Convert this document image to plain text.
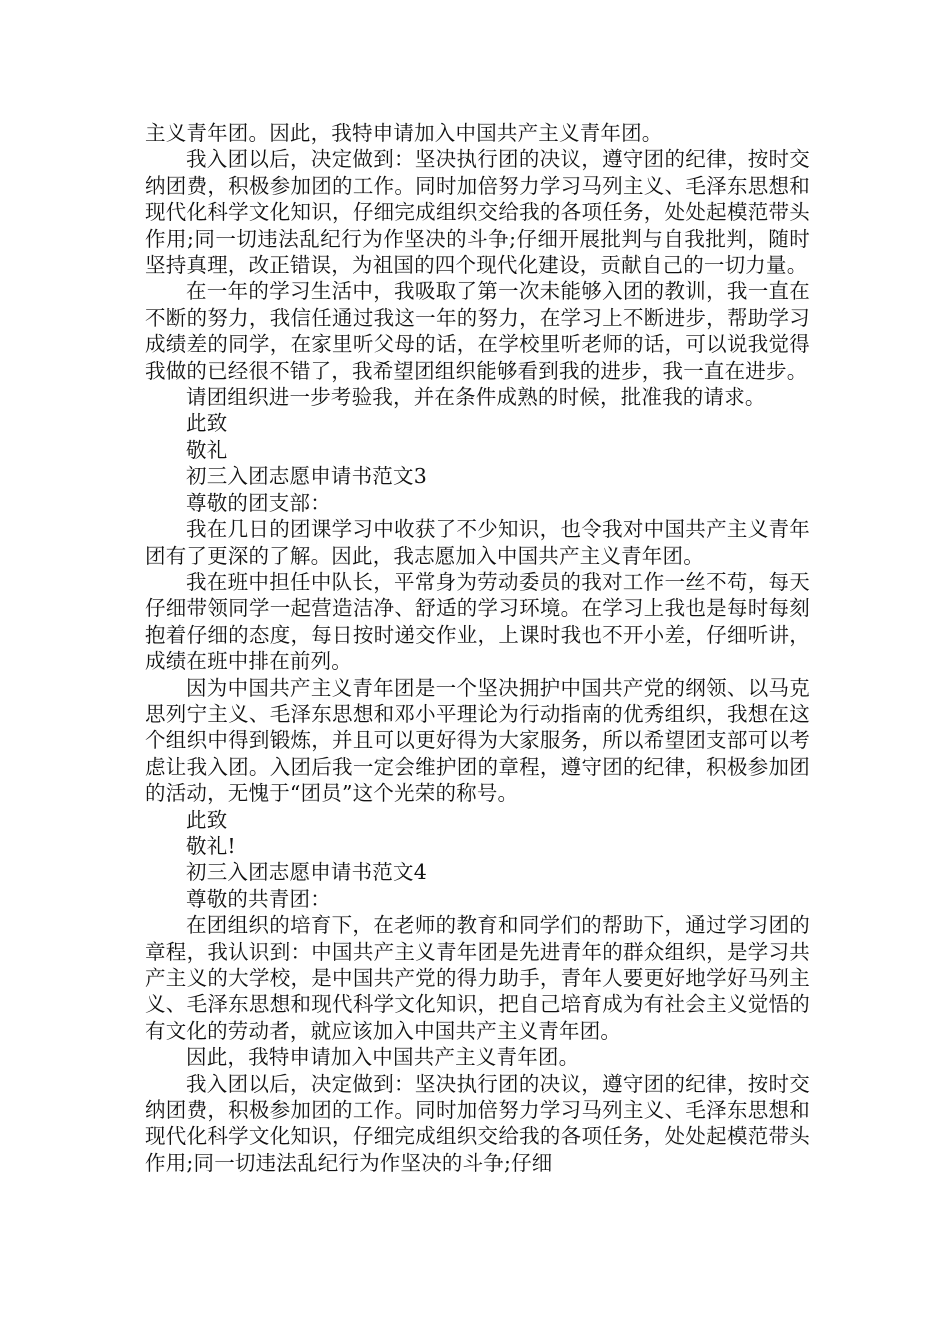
主义青年团。因此，我特申请加入中国共产主义青年团。

我入团以后，决定做到：坚决执行团的决议，遵守团的纪律，按时交纳团费，积极参加团的工作。同时加倍努力学习马列主义、毛泽东思想和现代化科学文化知识，仔细完成组织交给我的各项任务，处处起模范带头作用;同一切违法乱纪行为作坚决的斗争;仔细开展批判与自我批判，随时坚持真理，改正错误，为祖国的四个现代化建设，贡献自己的一切力量。

在一年的学习生活中，我吸取了第一次未能够入团的教训，我一直在不断的努力，我信任通过我这一年的努力，在学习上不断进步，帮助学习成绩差的同学，在家里听父母的话，在学校里听老师的话，可以说我觉得我做的已经很不错了，我希望团组织能够看到我的进步，我一直在进步。

请团组织进一步考验我，并在条件成熟的时候，批准我的请求。

此致

敬礼

初三入团志愿申请书范文3

尊敬的团支部：

我在几日的团课学习中收获了不少知识，也令我对中国共产主义青年团有了更深的了解。因此，我志愿加入中国共产主义青年团。

我在班中担任中队长，平常身为劳动委员的我对工作一丝不苟，每天仔细带领同学一起营造洁净、舒适的学习环境。在学习上我也是每时每刻抱着仔细的态度，每日按时递交作业，上课时我也不开小差，仔细听讲，成绩在班中排在前列。

因为中国共产主义青年团是一个坚决拥护中国共产党的纲领、以马克思列宁主义、毛泽东思想和邓小平理论为行动指南的优秀组织，我想在这个组织中得到锻炼，并且可以更好得为大家服务，所以希望团支部可以考虑让我入团。入团后我一定会维护团的章程，遵守团的纪律，积极参加团的活动，无愧于“团员”这个光荣的称号。

此致

敬礼!

初三入团志愿申请书范文4

尊敬的共青团：

在团组织的培育下，在老师的教育和同学们的帮助下，通过学习团的章程，我认识到：中国共产主义青年团是先进青年的群众组织，是学习共产主义的大学校，是中国共产党的得力助手，青年人要更好地学好马列主义、毛泽东思想和现代科学文化知识，把自己培育成为有社会主义觉悟的有文化的劳动者，就应该加入中国共产主义青年团。

因此，我特申请加入中国共产主义青年团。

我入团以后，决定做到：坚决执行团的决议，遵守团的纪律，按时交纳团费，积极参加团的工作。同时加倍努力学习马列主义、毛泽东思想和现代化科学文化知识，仔细完成组织交给我的各项任务，处处起模范带头作用;同一切违法乱纪行为作坚决的斗争;仔细
